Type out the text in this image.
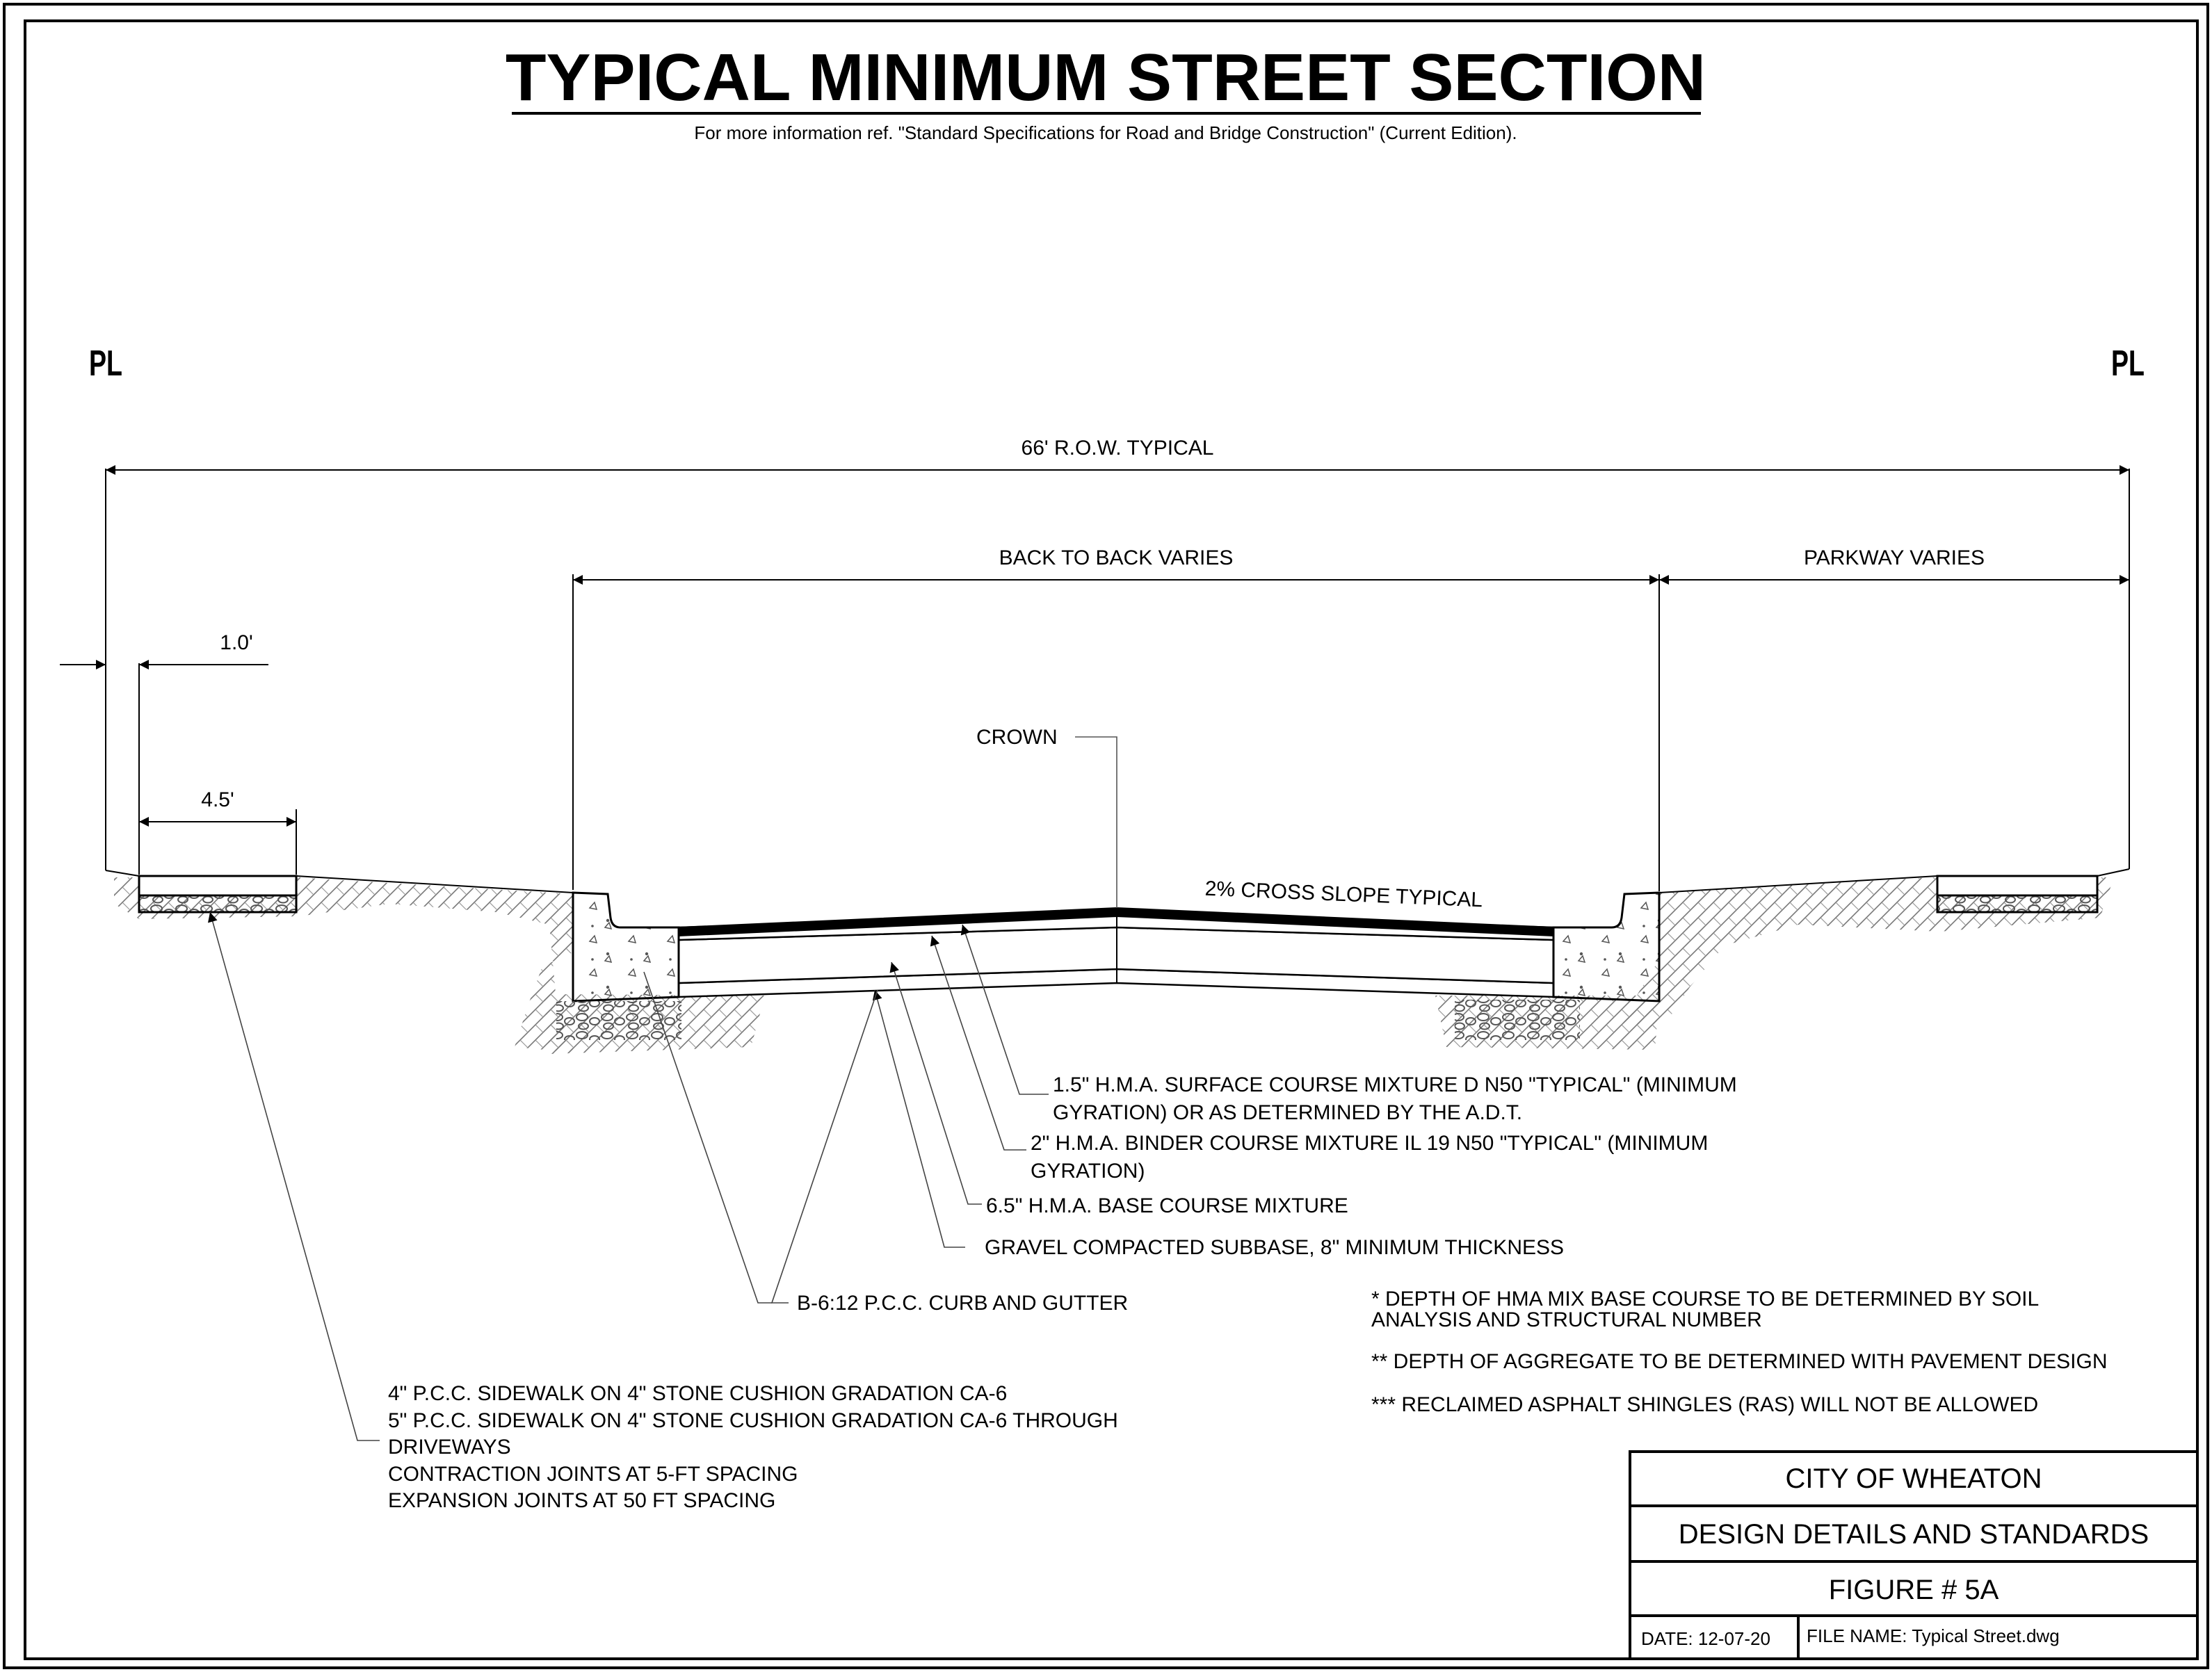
TYPICAL MINIMUM STREET SECTION
For more information ref. "Standard Specifications for Road and Bridge Construction" (Current Edition).
PL	PL
66' R.O.W. TYPICAL
BACK TO BACK VARIES	PARKWAY VARIES
1.0'
4.5'
CROWN
2% CROSS SLOPE TYPICAL
1.5" H.M.A. SURFACE COURSE MIXTURE D N50 "TYPICAL" (MINIMUM
GYRATION) OR AS DETERMINED BY THE A.D.T.
2" H.M.A. BINDER COURSE MIXTURE IL 19 N50 "TYPICAL" (MINIMUM
GYRATION)
6.5" H.M.A. BASE COURSE MIXTURE
GRAVEL COMPACTED SUBBASE, 8" MINIMUM THICKNESS
B-6:12 P.C.C. CURB AND GUTTER
4" P.C.C. SIDEWALK ON 4" STONE CUSHION GRADATION CA-6
5" P.C.C. SIDEWALK ON 4" STONE CUSHION GRADATION CA-6 THROUGH
DRIVEWAYS
CONTRACTION JOINTS AT 5-FT SPACING
EXPANSION JOINTS AT 50 FT SPACING
* DEPTH OF HMA MIX BASE COURSE TO BE DETERMINED BY SOIL
ANALYSIS AND STRUCTURAL NUMBER
** DEPTH OF AGGREGATE TO BE DETERMINED WITH PAVEMENT DESIGN
*** RECLAIMED ASPHALT SHINGLES (RAS) WILL NOT BE ALLOWED
CITY OF WHEATON
DESIGN DETAILS AND STANDARDS
FIGURE # 5A
DATE: 12-07-20 FILE NAME: Typical Street.dwg
